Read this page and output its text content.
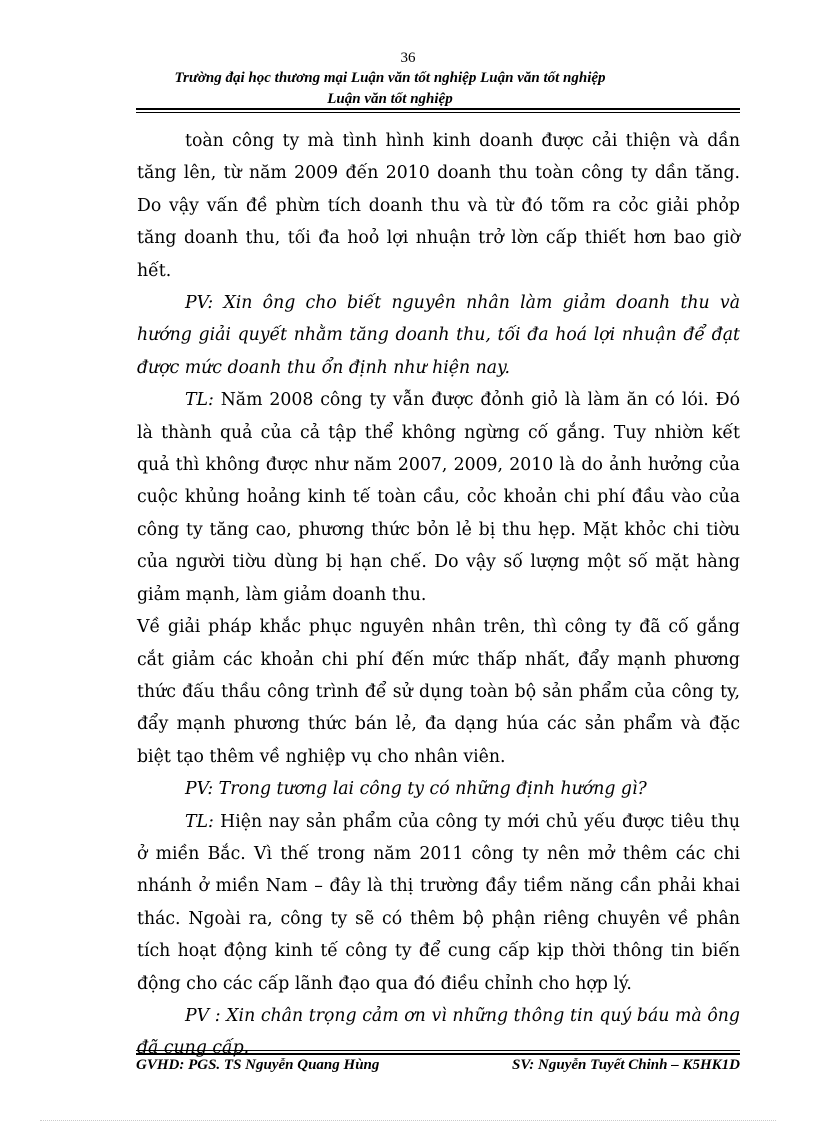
36
Trường đại học thương mại Luận văn tốt nghiệp Luận văn tốt nghiệp
Luận văn tốt nghiệp

toàn công ty mà tình hình kinh doanh được cải thiện và dần tăng lên, từ năm 2009 đến 2010 doanh thu toàn công ty dần tăng. Do vậy vấn đề phừn tích doanh thu và từ đó tõm ra cỏc giải phỏp tăng doanh thu, tối đa hoỏ lợi nhuận trở lờn cấp thiết hơn bao giờ hết.

PV: Xin ông cho biết nguyên nhân làm giảm doanh thu và hướng giải quyết nhằm tăng doanh thu, tối đa hoá lợi nhuận để đạt được mức doanh thu ổn định như hiện nay.

TL: Năm 2008 công ty vẫn được đỏnh giỏ là làm ăn có lói. Đó là thành quả của cả tập thể không ngừng cố gắng. Tuy nhiờn kết quả thì không được như năm 2007, 2009, 2010 là do ảnh hưởng của cuộc khủng hoảng kinh tế toàn cầu, cỏc khoản chi phí đầu vào của công ty tăng cao, phương thức bỏn lẻ bị thu hẹp. Mặt khỏc chi tiờu của người tiờu dùng bị hạn chế. Do vậy số lượng một số mặt hàng giảm mạnh, làm giảm doanh thu.

Về giải pháp khắc phục nguyên nhân trên, thì công ty đã cố gắng cắt giảm các khoản chi phí đến mức thấp nhất, đẩy mạnh phương thức đấu thầu công trình để sử dụng toàn bộ sản phẩm của công ty, đẩy mạnh phương thức bán lẻ, đa dạng húa các sản phẩm và đặc biệt tạo thêm về nghiệp vụ cho nhân viên.

PV: Trong tương lai công ty có những định hướng gì?

TL: Hiện nay sản phẩm của công ty mới chủ yếu được tiêu thụ ở miền Bắc. Vì thế trong năm 2011 công ty nên mở thêm các chi nhánh ở miền Nam – đây là thị trường đầy tiềm năng cần phải khai thác. Ngoài ra, công ty sẽ có thêm bộ phận riêng chuyên về phân tích hoạt động kinh tế công ty để cung cấp kịp thời thông tin biến động cho các cấp lãnh đạo qua đó điều chỉnh cho hợp lý.

PV : Xin chân trọng cảm ơn vì những thông tin quý báu mà ông đã cung cấp.

GVHD: PGS. TS Nguyễn Quang Hùng	SV: Nguyễn Tuyết Chinh – K5HK1D
